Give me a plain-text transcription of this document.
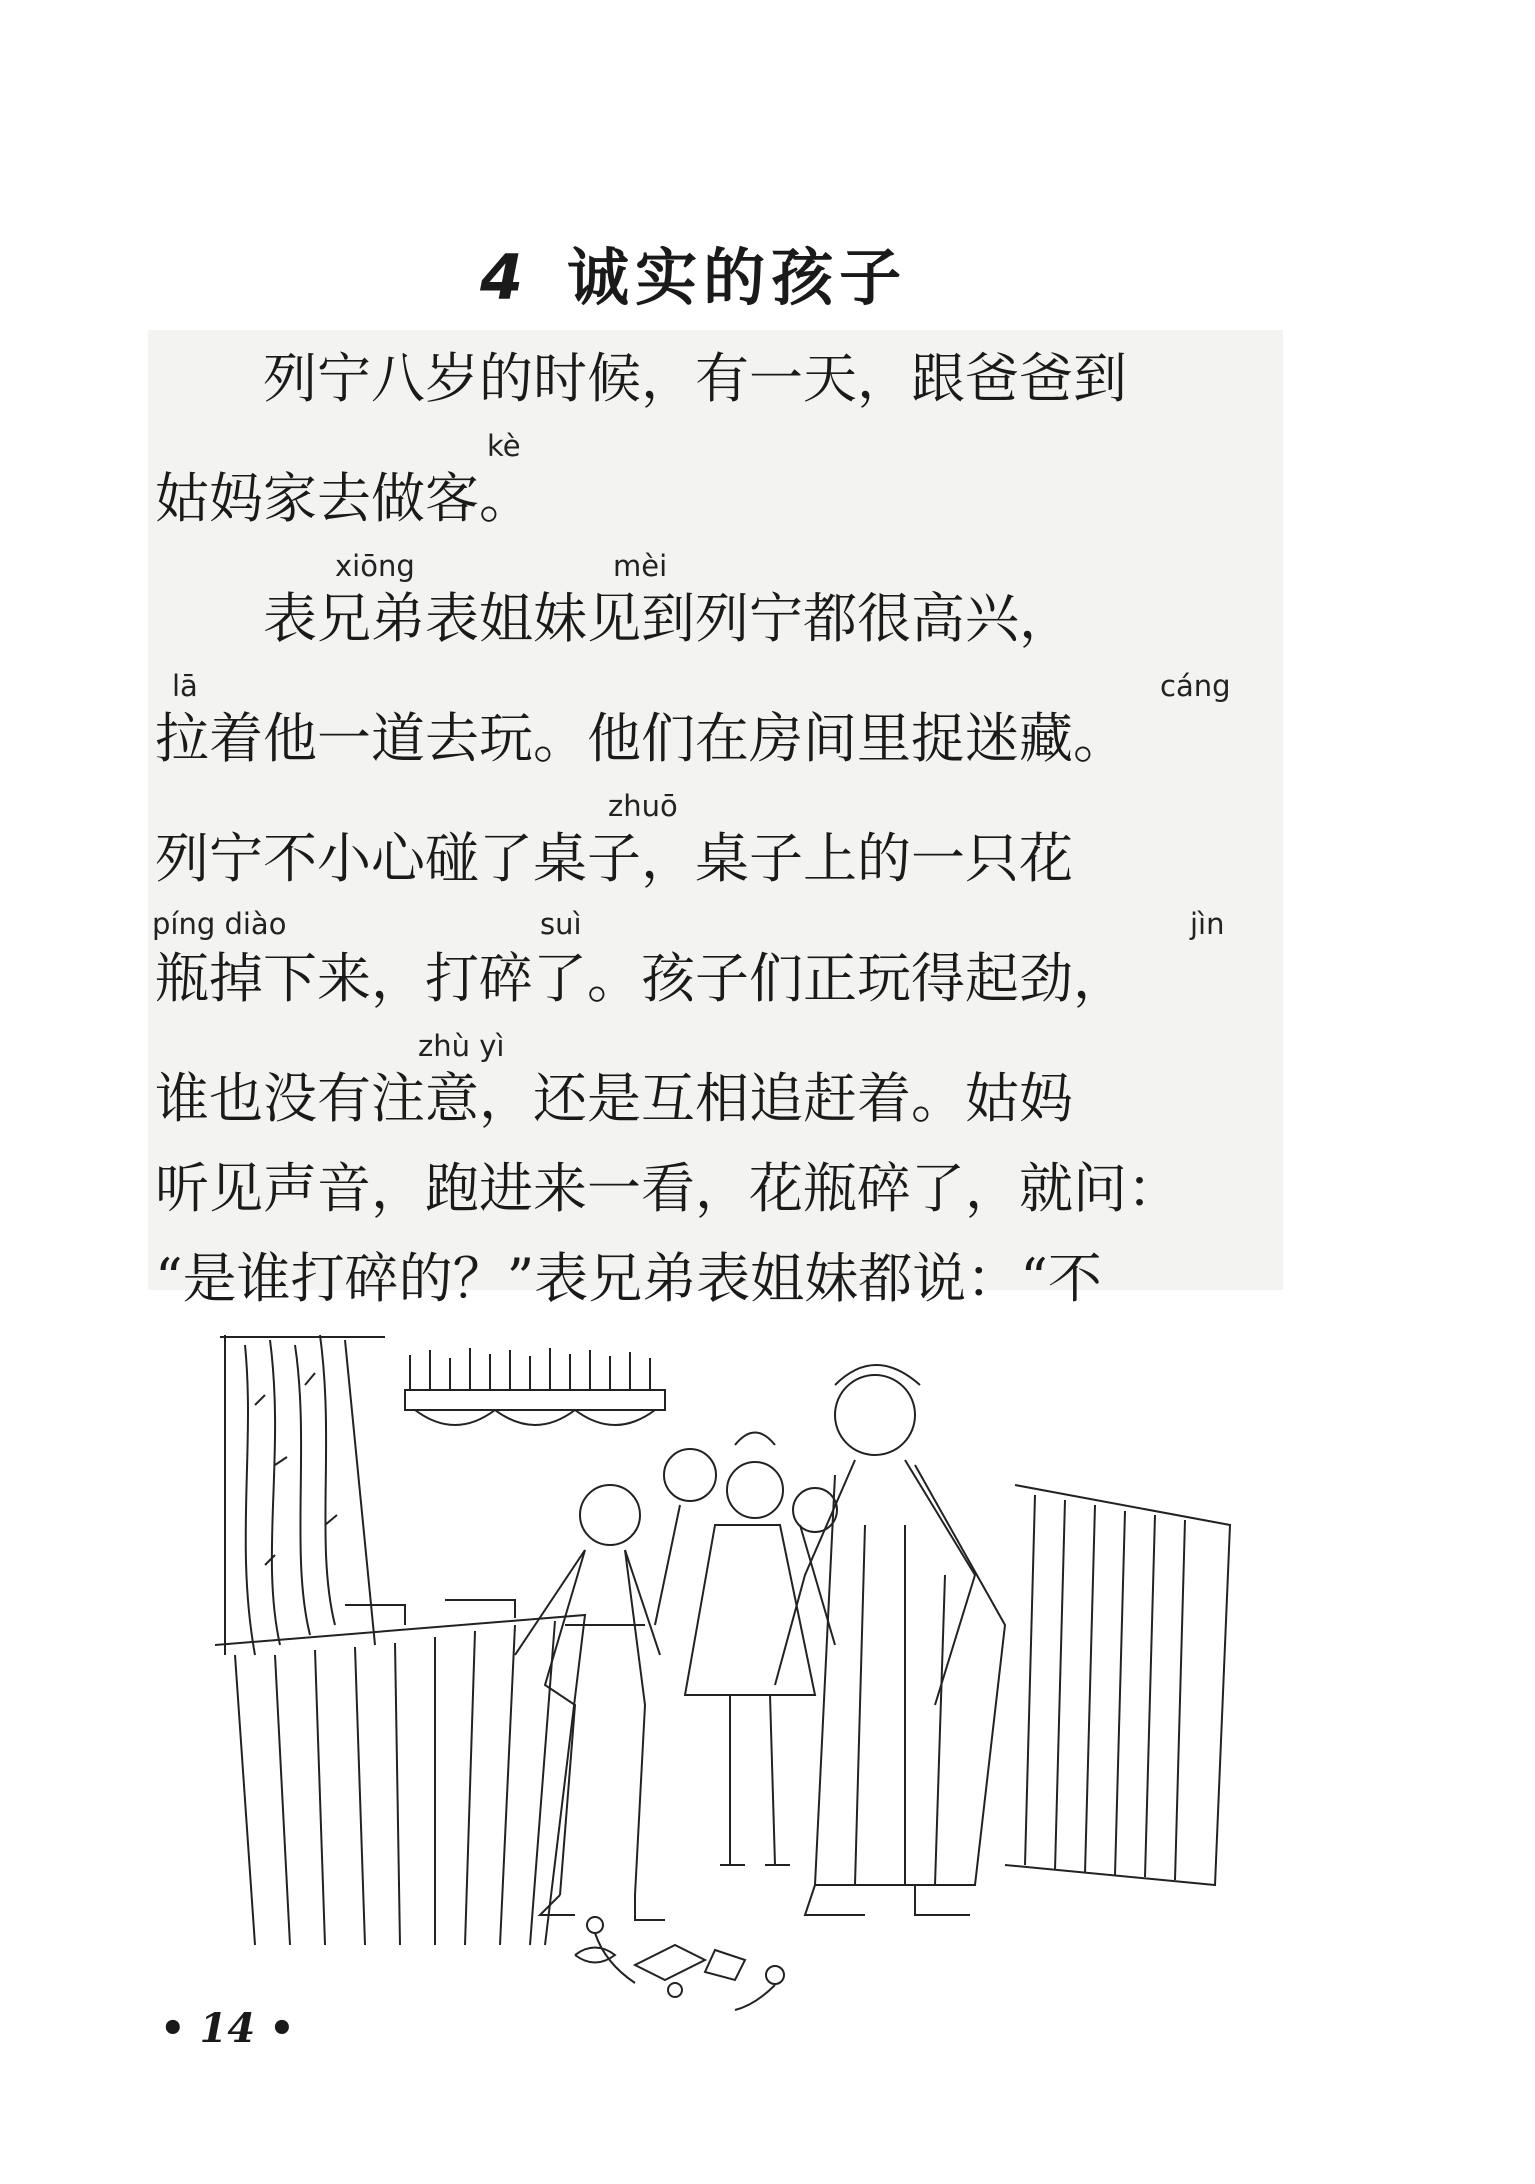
4 诚实的孩子
kè
xiōng	mèi
lā	cáng
zhuō
píng diào	suì	jìn
zhù yì
　　列宁八岁的时候，有一天，跟爸爸到
姑妈家去做客。
　　表兄弟表姐妹见到列宁都很高兴，
拉着他一道去玩。他们在房间里捉迷藏。
列宁不小心碰了桌子，桌子上的一只花
瓶掉下来，打碎了。孩子们正玩得起劲，
谁也没有注意，还是互相追赶着。姑妈
听见声音，跑进来一看，花瓶碎了，就问：
“是谁打碎的？”表兄弟表姐妹都说：“不
• 14 •
